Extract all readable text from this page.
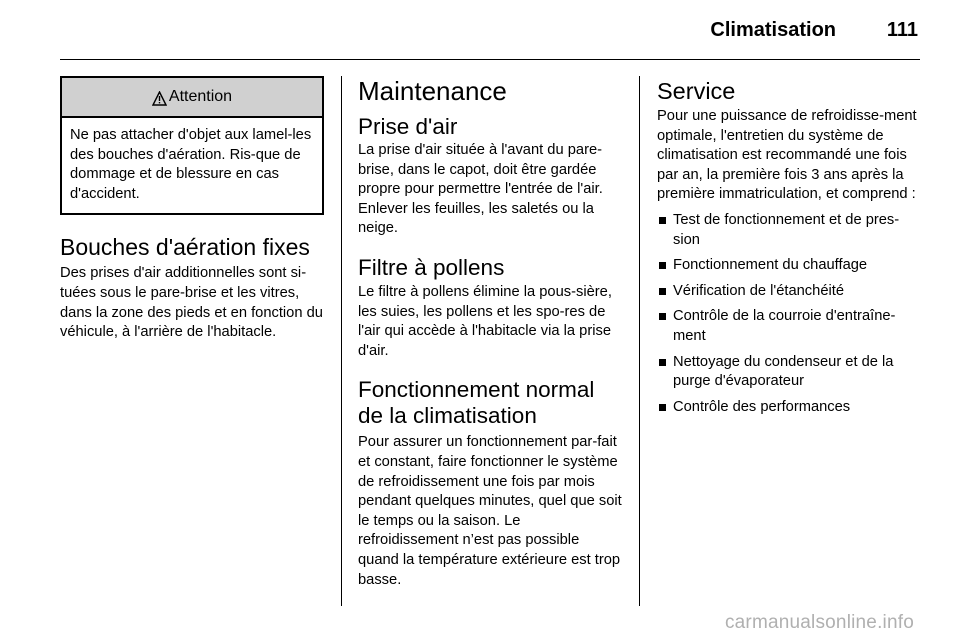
Climatisation	111
Attention
Ne pas attacher d'objet aux lamel-les des bouches d'aération. Ris-que de dommage et de blessure en cas d'accident.
Bouches d'aération fixes

Des prises d'air additionnelles sont si-tuées sous le pare-brise et les vitres, dans la zone des pieds et en fonction du véhicule, à l'arrière de l'habitacle.

Maintenance
Prise d'air

La prise d'air située à l'avant du pare-brise, dans le capot, doit être gardée propre pour permettre l'entrée de l'air. Enlever les feuilles, les saletés ou la neige.

Filtre à pollens

Le filtre à pollens élimine la pous-sière, les suies, les pollens et les spo-res de l'air qui accède à l'habitacle via la prise d'air.

Fonctionnement normal de la climatisation

Pour assurer un fonctionnement par-fait et constant, faire fonctionner le système de refroidissement une fois par mois pendant quelques minutes, quel que soit le temps ou la saison. Le refroidissement n’est pas possible quand la température extérieure est trop basse.

Service

Pour une puissance de refroidisse-ment optimale, l'entretien du système de climatisation est recommandé une fois par an, la première fois 3 ans après la première immatriculation, et comprend :

Test de fonctionnement et de pres-sion
Fonctionnement du chauffage
Vérification de l'étanchéité
Contrôle de la courroie d'entraîne-ment
Nettoyage du condenseur et de la purge d'évaporateur
Contrôle des performances
carmanualsonline.info
